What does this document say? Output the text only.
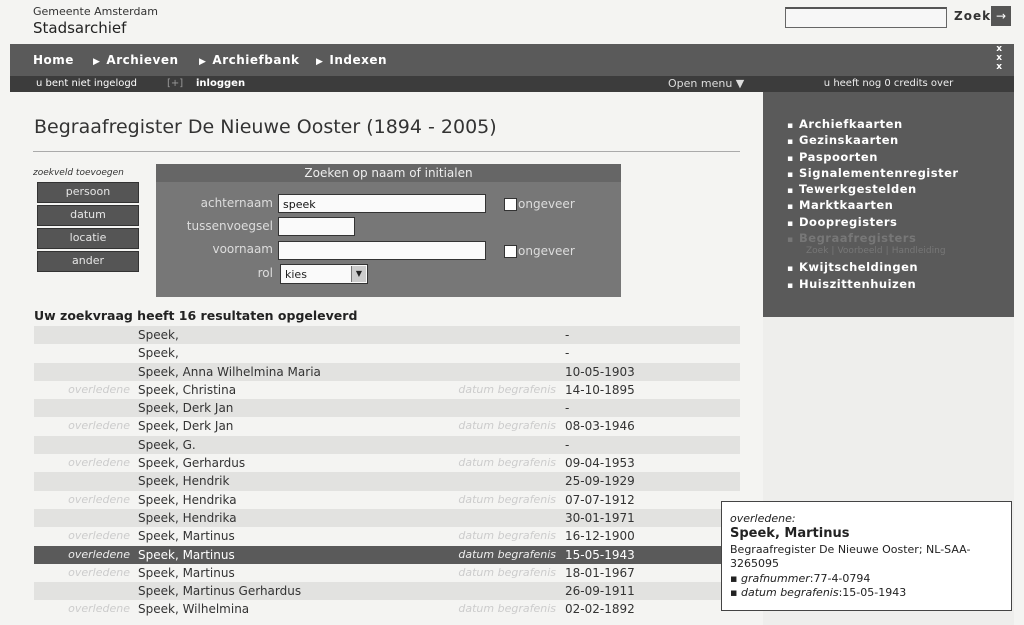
Gemeente Amsterdam
Stadsarchief
Zoek →
Home ▶ Archieven ▶ Archiefbank ▶ Indexen
x
x
x
u bent niet ingelogd	[+] inloggen	Open menu ▼	u heeft nog 0 credits over
▪ Archiefkaarten
▪ Gezinskaarten
▪ Paspoorten
▪ Signalementenregister
▪ Tewerkgestelden
▪ Marktkaarten
▪ Doopregisters
▪ Begraafregisters
Zoek | Voorbeeld | Handleiding
▪ Kwijtscheldingen
▪ Huiszittenhuizen
Begraafregister De Nieuwe Ooster (1894 - 2005)
zoekveld toevoegen
persoon
datum
locatie
ander
Zoeken op naam of initialen
achternaam speek	ongeveer
tussenvoegsel
voornaam	ongeveer
rol	kies	▼
Uw zoekvraag heeft 16 resultaten opgeleverd
Speek,	-
Speek,	-
Speek, Anna Wilhelmina Maria	10-05-1903
overledene Speek, Christina	datum begrafenis 14-10-1895
Speek, Derk Jan	-
overledene Speek, Derk Jan	datum begrafenis 08-03-1946
Speek, G.	-
overledene Speek, Gerhardus	datum begrafenis 09-04-1953
Speek, Hendrik	25-09-1929
overledene Speek, Hendrika	datum begrafenis 07-07-1912
Speek, Hendrika	30-01-1971
overledene Speek, Martinus	datum begrafenis 16-12-1900
overledene Speek, Martinus	datum begrafenis 15-05-1943
overledene Speek, Martinus	datum begrafenis 18-01-1967
Speek, Martinus Gerhardus	26-09-1911
overledene Speek, Wilhelmina	datum begrafenis 02-02-1892
overledene:
Speek, Martinus
Begraafregister De Nieuwe Ooster; NL-SAA-3265095
▪ grafnummer:77-4-0794
▪ datum begrafenis:15-05-1943
